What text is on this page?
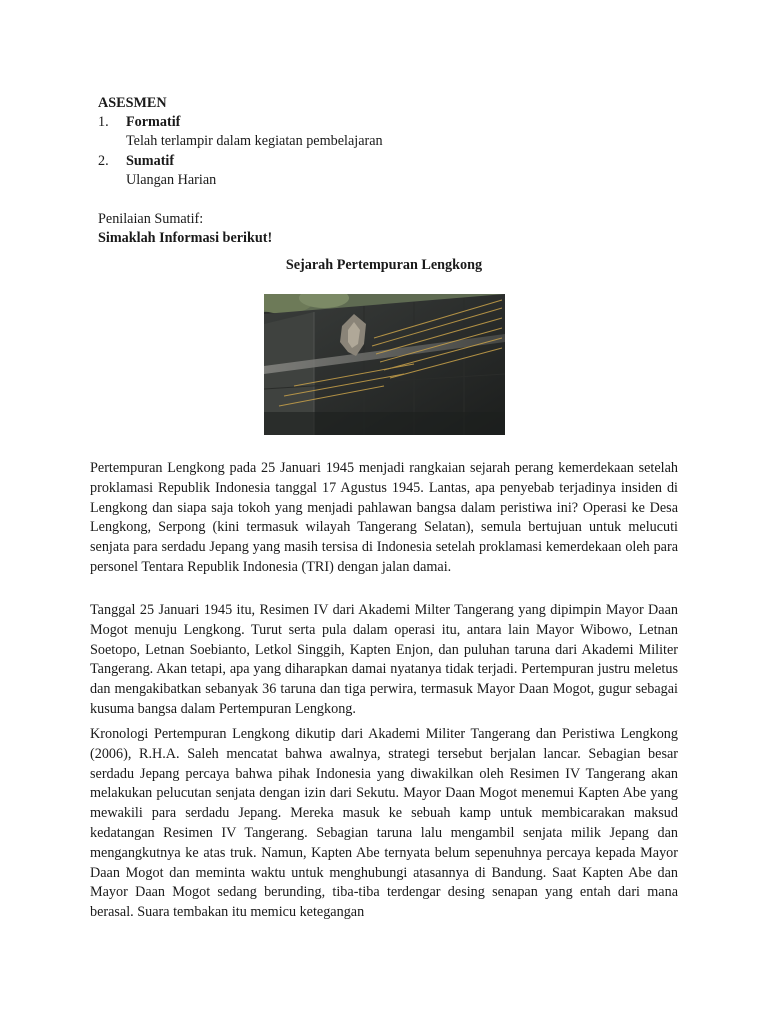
ASESMEN
1. Formatif
Telah terlampir dalam kegiatan pembelajaran
2. Sumatif
Ulangan Harian
Penilaian Sumatif:
Simaklah Informasi berikut!
Sejarah Pertempuran Lengkong
Pertempuran Lengkong pada 25 Januari 1945 menjadi rangkaian sejarah perang kemerdekaan setelah proklamasi Republik Indonesia tanggal 17 Agustus 1945. Lantas, apa penyebab terjadinya insiden di Lengkong dan siapa saja tokoh yang menjadi pahlawan bangsa dalam peristiwa ini? Operasi ke Desa Lengkong, Serpong (kini termasuk wilayah Tangerang Selatan), semula bertujuan untuk melucuti senjata para serdadu Jepang yang masih tersisa di Indonesia setelah proklamasi kemerdekaan oleh para personel Tentara Republik Indonesia (TRI) dengan jalan damai.
Tanggal 25 Januari 1945 itu, Resimen IV dari Akademi Milter Tangerang yang dipimpin Mayor Daan Mogot menuju Lengkong. Turut serta pula dalam operasi itu, antara lain Mayor Wibowo, Letnan Soetopo, Letnan Soebianto, Letkol Singgih, Kapten Enjon, dan puluhan taruna dari Akademi Militer Tangerang. Akan tetapi, apa yang diharapkan damai nyatanya tidak terjadi. Pertempuran justru meletus dan mengakibatkan sebanyak 36 taruna dan tiga perwira, termasuk Mayor Daan Mogot, gugur sebagai kusuma bangsa dalam Pertempuran Lengkong.
Kronologi Pertempuran Lengkong dikutip dari Akademi Militer Tangerang dan Peristiwa Lengkong (2006), R.H.A. Saleh mencatat bahwa awalnya, strategi tersebut berjalan lancar. Sebagian besar serdadu Jepang percaya bahwa pihak Indonesia yang diwakilkan oleh Resimen IV Tangerang akan melakukan pelucutan senjata dengan izin dari Sekutu. Mayor Daan Mogot menemui Kapten Abe yang mewakili para serdadu Jepang. Mereka masuk ke sebuah kamp untuk membicarakan maksud kedatangan Resimen IV Tangerang. Sebagian taruna lalu mengambil senjata milik Jepang dan mengangkutnya ke atas truk. Namun, Kapten Abe ternyata belum sepenuhnya percaya kepada Mayor Daan Mogot dan meminta waktu untuk menghubungi atasannya di Bandung. Saat Kapten Abe dan Mayor Daan Mogot sedang berunding, tiba-tiba terdengar desing senapan yang entah dari mana berasal. Suara tembakan itu memicu ketegangan
